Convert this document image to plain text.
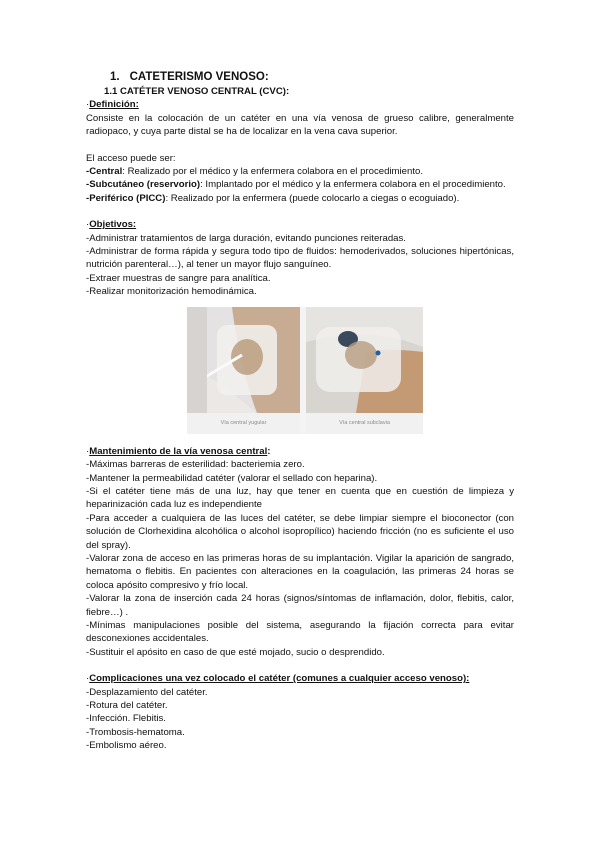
1. CATETERISMO VENOSO:
1.1 CATÉTER VENOSO CENTRAL (CVC):

·Definición:

Consiste en la colocación de un catéter en una vía venosa de grueso calibre, generalmente radiopaco, y cuya parte distal se ha de localizar en la vena cava superior.

El acceso puede ser:

-Central: Realizado por el médico y la enfermera colabora en el procedimiento.

-Subcutáneo (reservorio): Implantado por el médico y la enfermera colabora en el procedimiento.

-Periférico (PICC): Realizado por la enfermera (puede colocarlo a ciegas o ecoguiado).

·Objetivos:

-Administrar tratamientos de larga duración, evitando punciones reiteradas.

-Administrar de forma rápida y segura todo tipo de fluidos: hemoderivados, soluciones hipertónicas, nutrición parenteral…), al tener un mayor flujo sanguíneo.

-Extraer muestras de sangre para analítica.

-Realizar monitorización hemodinámica.

Vía central yugular	Vía central subclavia

·Mantenimiento de la vía venosa central:

-Máximas barreras de esterilidad: bacteriemia zero.

-Mantener la permeabilidad catéter (valorar el sellado con heparina).

-Si el catéter tiene más de una luz, hay que tener en cuenta que en cuestión de limpieza y heparinización cada luz es independiente

-Para acceder a cualquiera de las luces del catéter, se debe limpiar siempre el bioconector (con solución de Clorhexidina alcohólica o alcohol isopropílico) haciendo fricción (no es suficiente el uso del spray).

-Valorar zona de acceso en las primeras horas de su implantación. Vigilar la aparición de sangrado, hematoma o flebitis. En pacientes con alteraciones en la coagulación, las primeras 24 horas se coloca apósito compresivo y frío local.

-Valorar la zona de inserción cada 24 horas (signos/síntomas de inflamación, dolor, flebitis, calor, fiebre…) .

-Mínimas manipulaciones posible del sistema, asegurando la fijación correcta para evitar desconexiones accidentales.

-Sustituir el apósito en caso de que esté mojado, sucio o desprendido.

·Complicaciones una vez colocado el catéter (comunes a cualquier acceso venoso):

-Desplazamiento del catéter.

-Rotura del catéter.

-Infección. Flebitis.

-Trombosis-hematoma.

-Embolismo aéreo.
